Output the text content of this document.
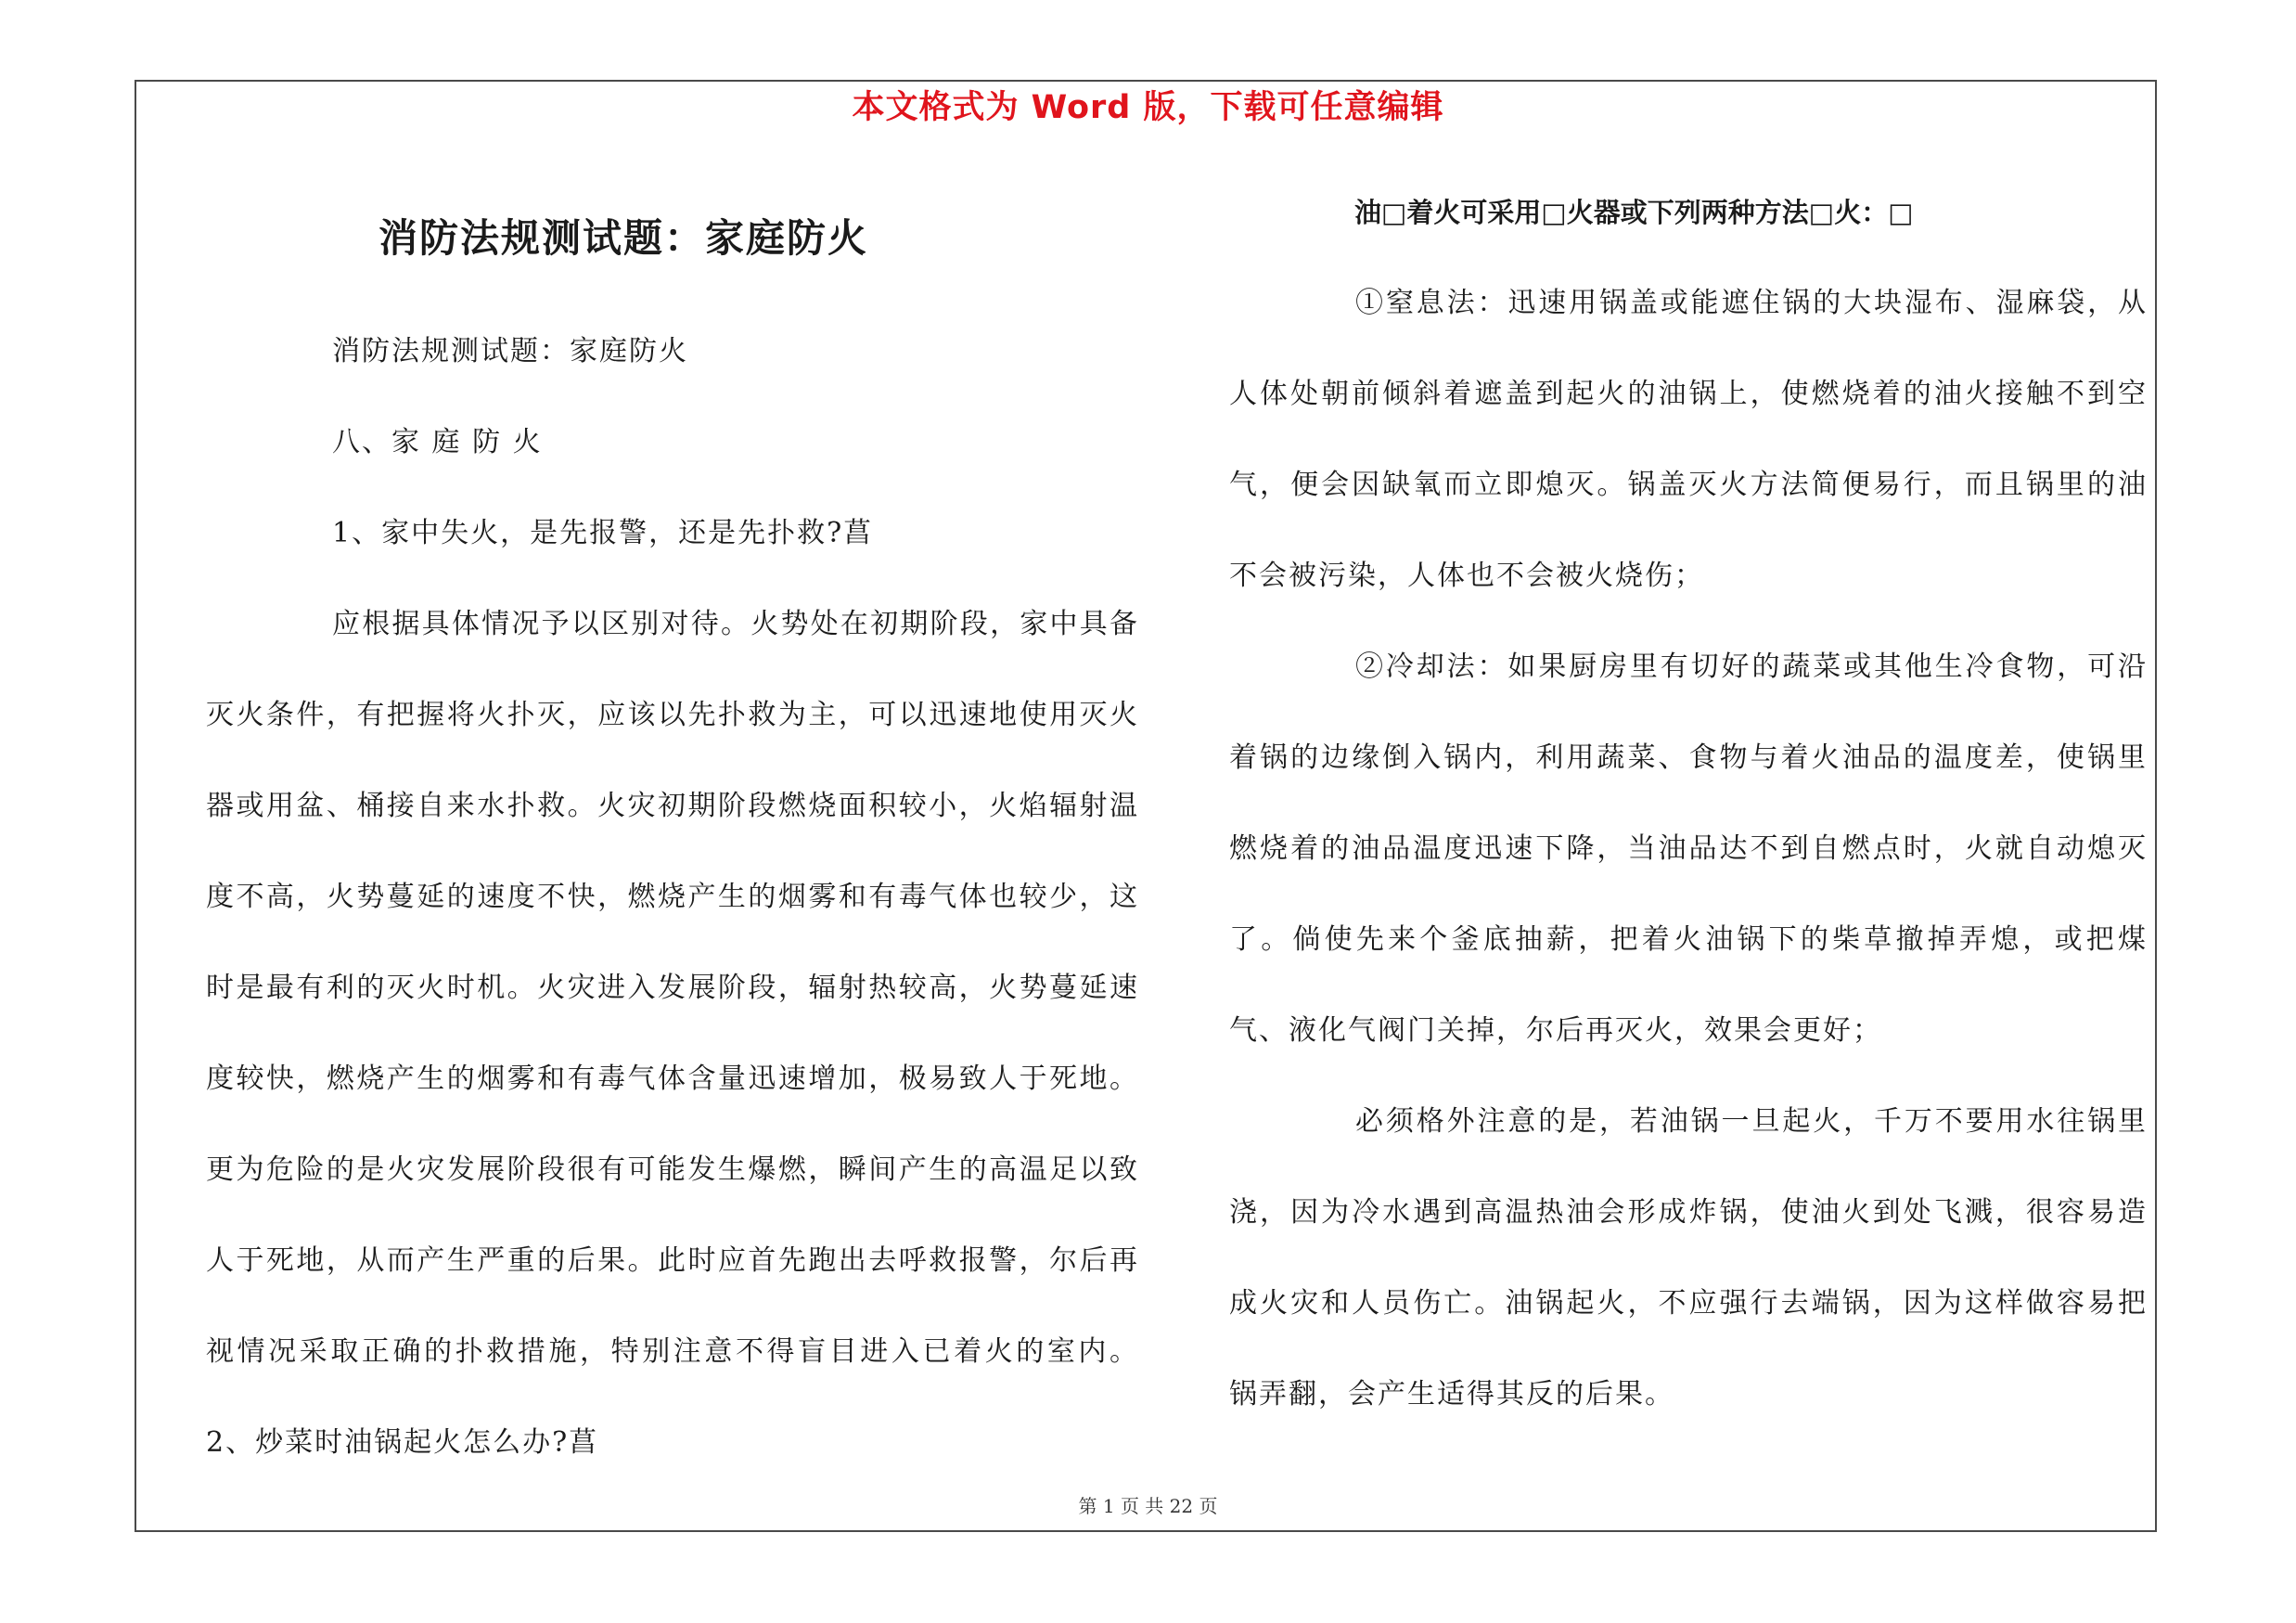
本文格式为 Word 版，下载可任意编辑
消防法规测试题：家庭防火

消防法规测试题：家庭防火

八、家 庭 防 火

1、家中失火，是先报警，还是先扑救?菖

应根据具体情况予以区别对待。火势处在初期阶段，家中具备灭火条件，有把握将火扑灭，应该以先扑救为主，可以迅速地使用灭火器或用盆、桶接自来水扑救。火灾初期阶段燃烧面积较小，火焰辐射温度不高，火势蔓延的速度不快，燃烧产生的烟雾和有毒气体也较少，这时是最有利的灭火时机。火灾进入发展阶段，辐射热较高，火势蔓延速度较快，燃烧产生的烟雾和有毒气体含量迅速增加，极易致人于死地。更为危险的是火灾发展阶段很有可能发生爆燃，瞬间产生的高温足以致人于死地，从而产生严重的后果。此时应首先跑出去呼救报警，尔后再视情况采取正确的扑救措施，特别注意不得盲目进入已着火的室内。2、炒菜时油锅起火怎么办?菖

油□着火可采用□火器或下列两种方法□火：□

①窒息法：迅速用锅盖或能遮住锅的大块湿布、湿麻袋，从人体处朝前倾斜着遮盖到起火的油锅上，使燃烧着的油火接触不到空气，便会因缺氧而立即熄灭。锅盖灭火方法简便易行，而且锅里的油不会被污染，人体也不会被火烧伤；

②冷却法：如果厨房里有切好的蔬菜或其他生冷食物，可沿着锅的边缘倒入锅内，利用蔬菜、食物与着火油品的温度差，使锅里燃烧着的油品温度迅速下降，当油品达不到自燃点时，火就自动熄灭了。倘使先来个釜底抽薪，把着火油锅下的柴草撤掉弄熄，或把煤气、液化气阀门关掉，尔后再灭火，效果会更好；

必须格外注意的是，若油锅一旦起火，千万不要用水往锅里浇，因为冷水遇到高温热油会形成炸锅，使油火到处飞溅，很容易造成火灾和人员伤亡。油锅起火，不应强行去端锅，因为这样做容易把锅弄翻，会产生适得其反的后果。

第 1 页 共 22 页
